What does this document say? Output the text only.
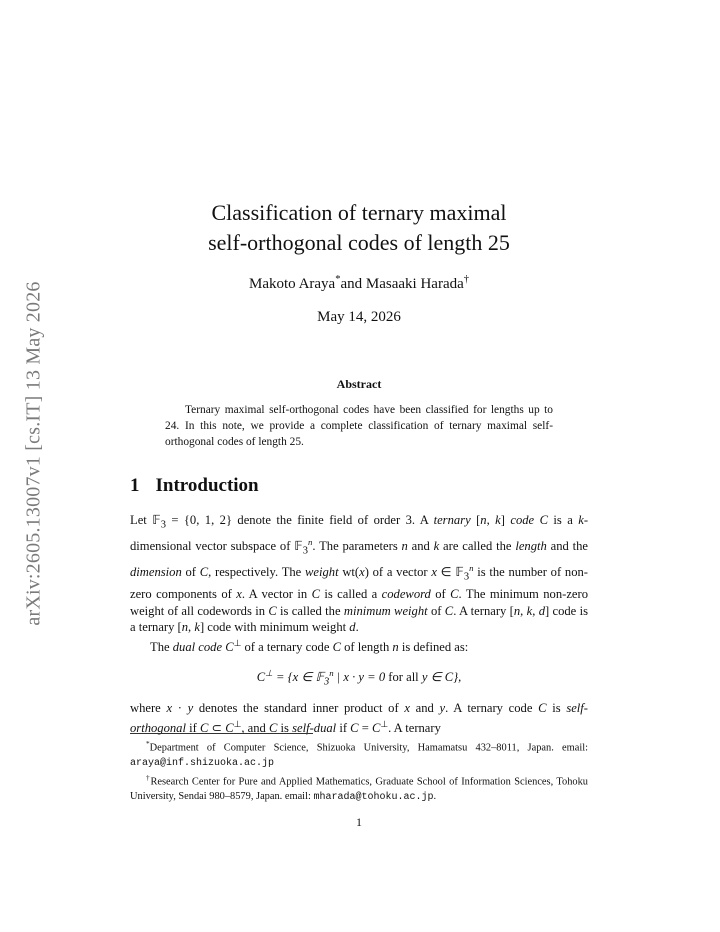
arXiv:2605.13007v1 [cs.IT] 13 May 2026
Classification of ternary maximal
self-orthogonal codes of length 25
Makoto Araya*and Masaaki Harada†
May 14, 2026
Abstract
Ternary maximal self-orthogonal codes have been classified for lengths up to 24. In this note, we provide a complete classification of ternary maximal self-orthogonal codes of length 25.
1 Introduction

Let 𝔽$_3$ = {0, 1, 2} denote the finite field of order 3. A ternary [n, k] code C is a k-dimensional vector subspace of 𝔽$_3^n$. The parameters n and k are called the length and the dimension of C, respectively. The weight wt(x) of a vector x ∈ 𝔽$_3^n$ is the number of non-zero components of x. A vector in C is called a codeword of C. The minimum non-zero weight of all codewords in C is called the minimum weight of C. A ternary [n, k, d] code is a ternary [n, k] code with minimum weight d.

The dual code C⊥ of a ternary code C of length n is defined as:

C⊥ = {x ∈ 𝔽$_3^n$ | x · y = 0 for all y ∈ C},

where x · y denotes the standard inner product of x and y. A ternary code C is self-orthogonal if C ⊂ C⊥, and C is self-dual if C = C⊥. A ternary

*Department of Computer Science, Shizuoka University, Hamamatsu 432–8011, Japan. email: araya@inf.shizuoka.ac.jp

†Research Center for Pure and Applied Mathematics, Graduate School of Information Sciences, Tohoku University, Sendai 980–8579, Japan. email: mharada@tohoku.ac.jp.

1
